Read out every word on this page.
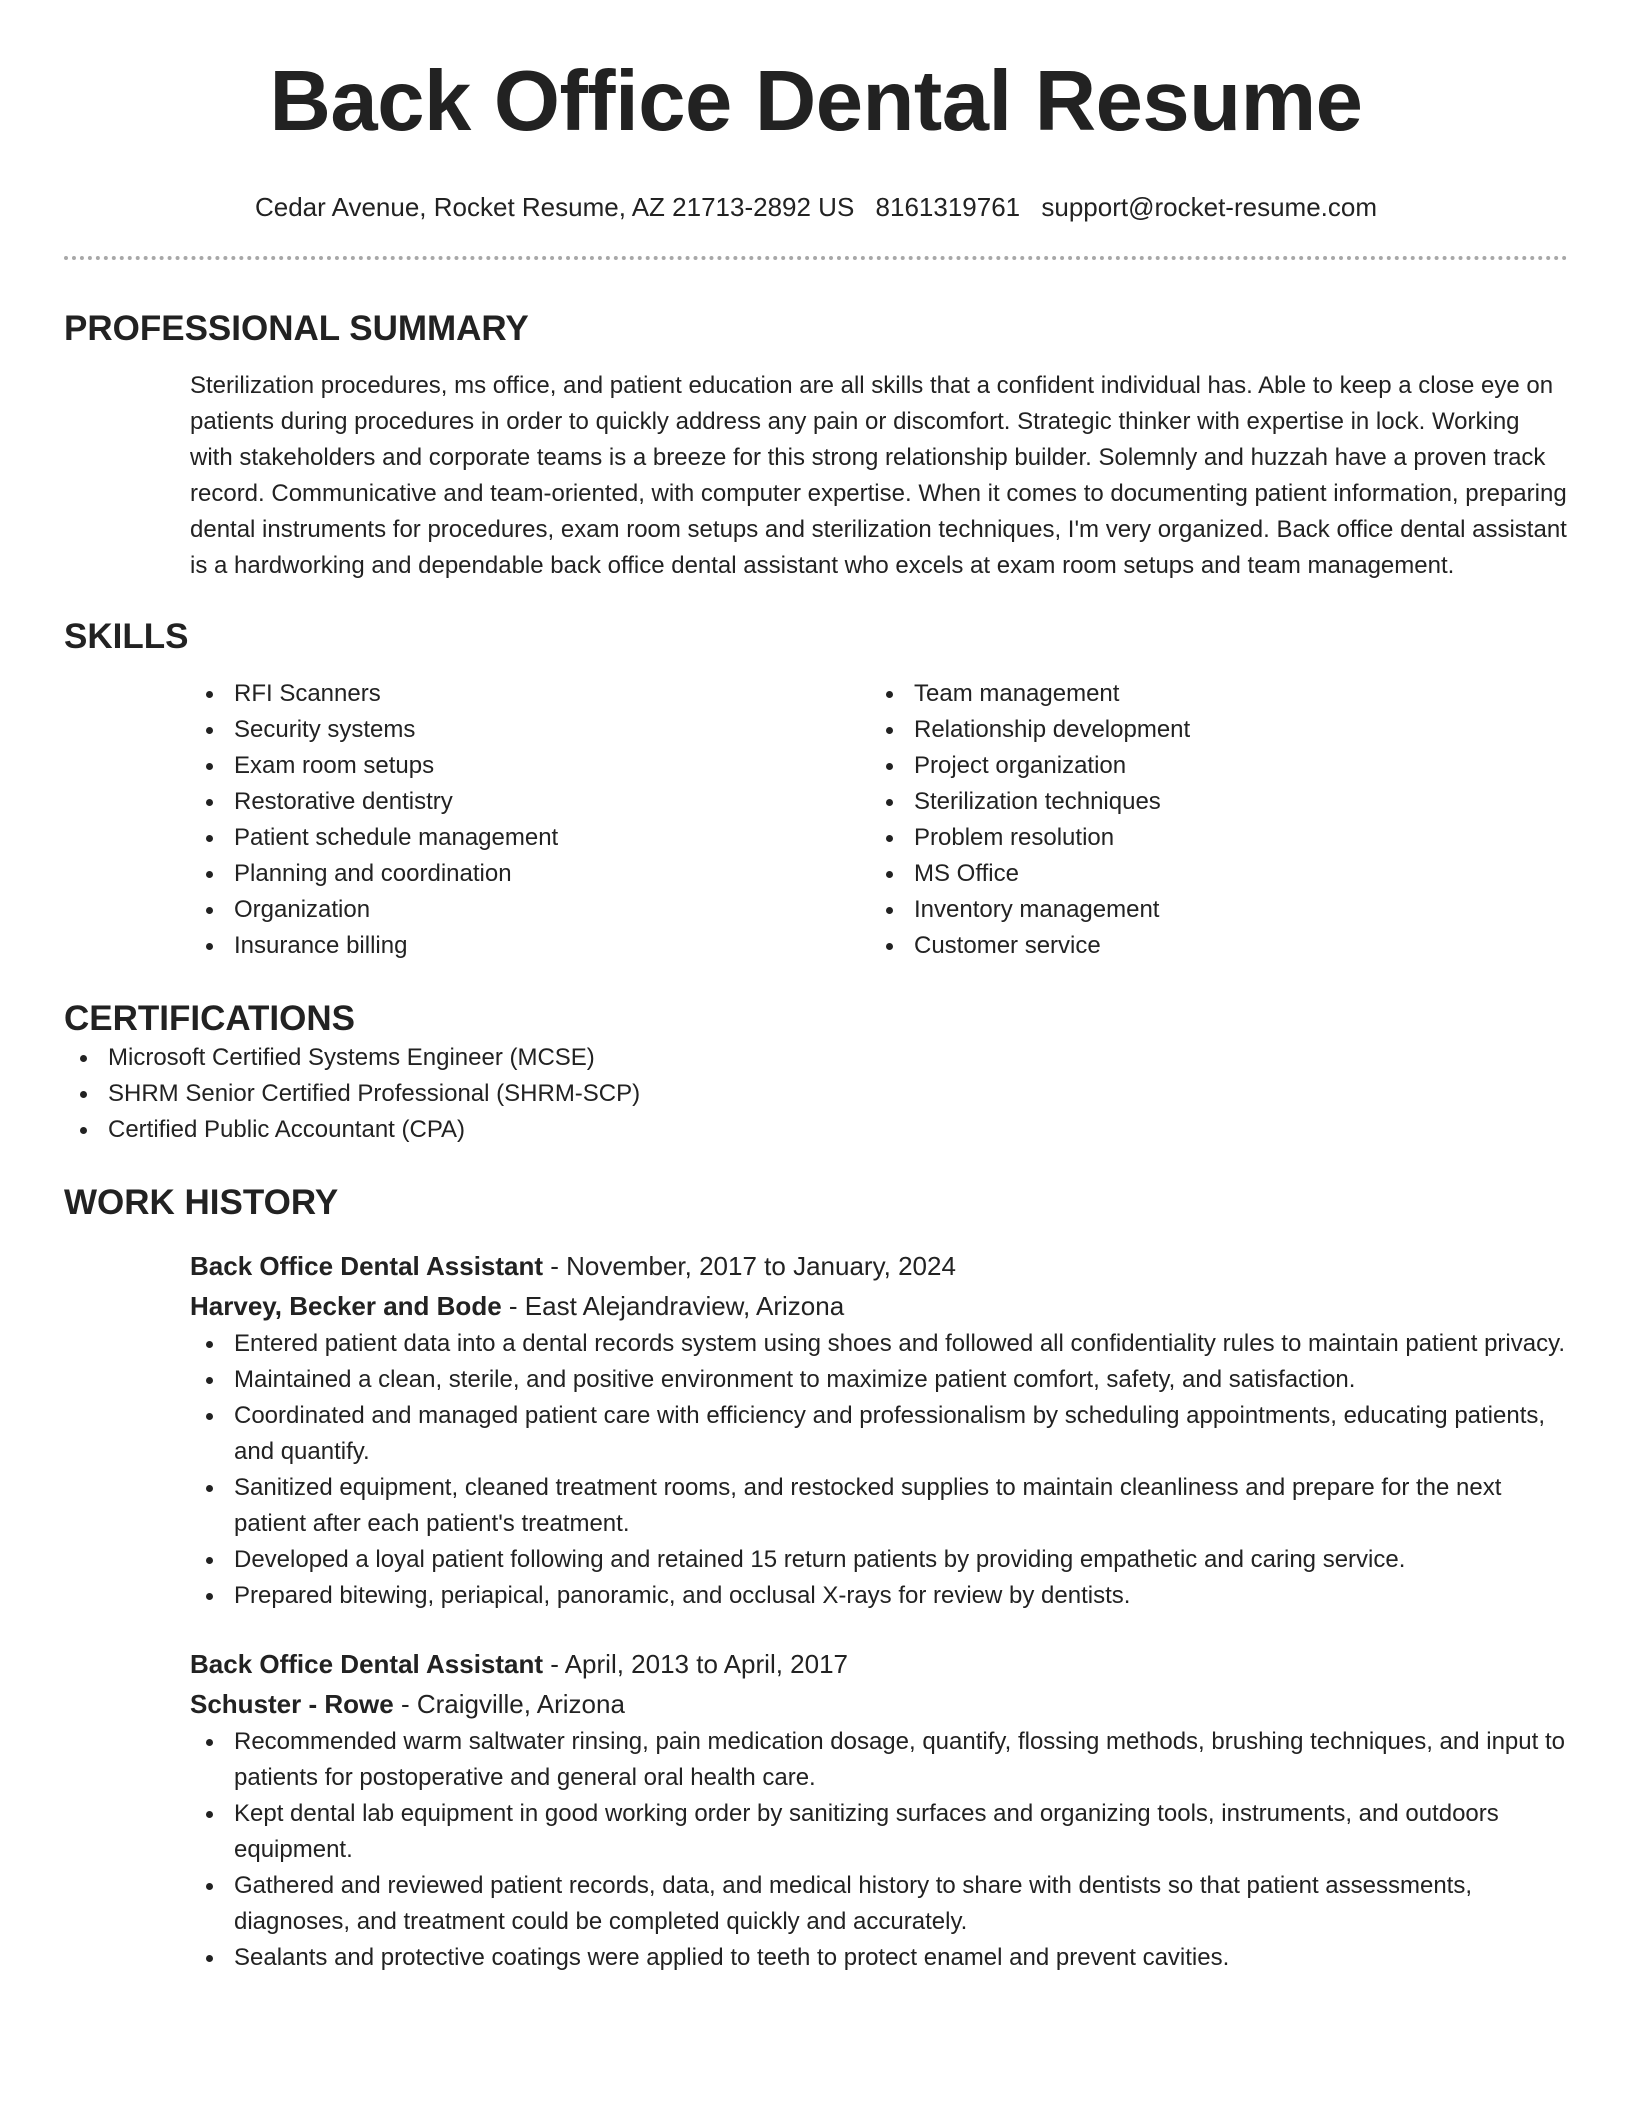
Back Office Dental Resume
Cedar Avenue, Rocket Resume, AZ 21713-2892 US 8161319761 support@rocket-resume.com
PROFESSIONAL SUMMARY

Sterilization procedures, ms office, and patient education are all skills that a confident individual has. Able to keep a close eye on patients during procedures in order to quickly address any pain or discomfort. Strategic thinker with expertise in lock. Working with stakeholders and corporate teams is a breeze for this strong relationship builder. Solemnly and huzzah have a proven track record. Communicative and team-oriented, with computer expertise. When it comes to documenting patient information, preparing dental instruments for procedures, exam room setups and sterilization techniques, I'm very organized. Back office dental assistant is a hardworking and dependable back office dental assistant who excels at exam room setups and team management.

SKILLS
RFI Scanners
Security systems
Exam room setups
Restorative dentistry
Patient schedule management
Planning and coordination
Organization
Insurance billing
Team management
Relationship development
Project organization
Sterilization techniques
Problem resolution
MS Office
Inventory management
Customer service
CERTIFICATIONS
Microsoft Certified Systems Engineer (MCSE)
SHRM Senior Certified Professional (SHRM-SCP)
Certified Public Accountant (CPA)
WORK HISTORY
Back Office Dental Assistant - November, 2017 to January, 2024
Harvey, Becker and Bode - East Alejandraview, Arizona
Entered patient data into a dental records system using shoes and followed all confidentiality rules to maintain patient privacy.
Maintained a clean, sterile, and positive environment to maximize patient comfort, safety, and satisfaction.
Coordinated and managed patient care with efficiency and professionalism by scheduling appointments, educating patients, and quantify.
Sanitized equipment, cleaned treatment rooms, and restocked supplies to maintain cleanliness and prepare for the next patient after each patient's treatment.
Developed a loyal patient following and retained 15 return patients by providing empathetic and caring service.
Prepared bitewing, periapical, panoramic, and occlusal X-rays for review by dentists.
Back Office Dental Assistant - April, 2013 to April, 2017
Schuster - Rowe - Craigville, Arizona
Recommended warm saltwater rinsing, pain medication dosage, quantify, flossing methods, brushing techniques, and input to patients for postoperative and general oral health care.
Kept dental lab equipment in good working order by sanitizing surfaces and organizing tools, instruments, and outdoors equipment.
Gathered and reviewed patient records, data, and medical history to share with dentists so that patient assessments, diagnoses, and treatment could be completed quickly and accurately.
Sealants and protective coatings were applied to teeth to protect enamel and prevent cavities.
